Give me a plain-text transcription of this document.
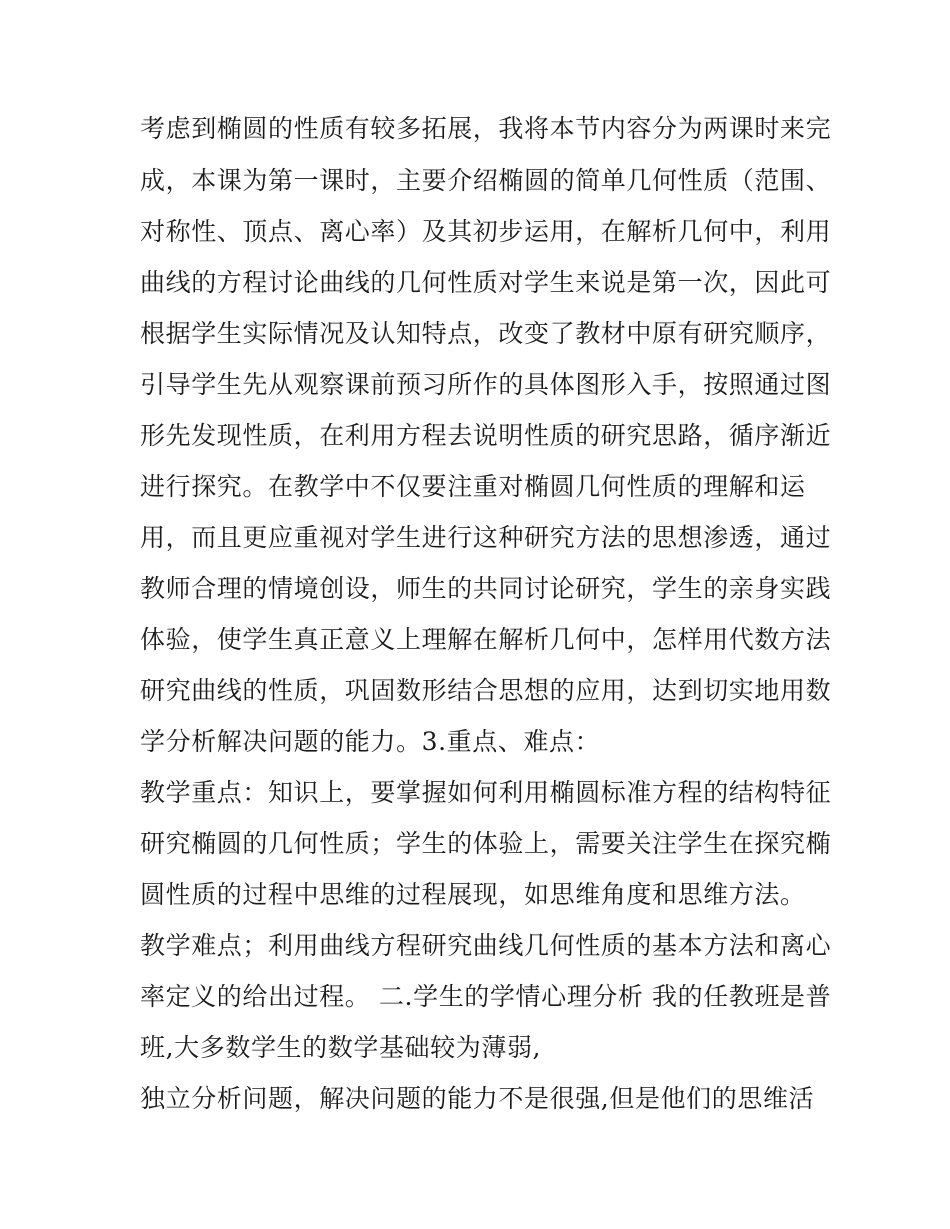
考虑到椭圆的性质有较多拓展，我将本节内容分为两课时来完
成，本课为第一课时，主要介绍椭圆的简单几何性质（范围、
对称性、顶点、离心率）及其初步运用，在解析几何中，利用
曲线的方程讨论曲线的几何性质对学生来说是第一次，因此可
根据学生实际情况及认知特点，改变了教材中原有研究顺序，
引导学生先从观察课前预习所作的具体图形入手，按照通过图
形先发现性质，在利用方程去说明性质的研究思路，循序渐近
进行探究。在教学中不仅要注重对椭圆几何性质的理解和运
用，而且更应重视对学生进行这种研究方法的思想渗透，通过
教师合理的情境创设，师生的共同讨论研究，学生的亲身实践
体验，使学生真正意义上理解在解析几何中，怎样用代数方法
研究曲线的性质，巩固数形结合思想的应用，达到切实地用数
学分析解决问题的能力。3.重点、难点：
教学重点：知识上，要掌握如何利用椭圆标准方程的结构特征
研究椭圆的几何性质；学生的体验上，需要关注学生在探究椭
圆性质的过程中思维的过程展现，如思维角度和思维方法。
教学难点；利用曲线方程研究曲线几何性质的基本方法和离心
率定义的给出过程。 二.学生的学情心理分析 我的任教班是普
班,大多数学生的数学基础较为薄弱,
独立分析问题，解决问题的能力不是很强,但是他们的思维活
